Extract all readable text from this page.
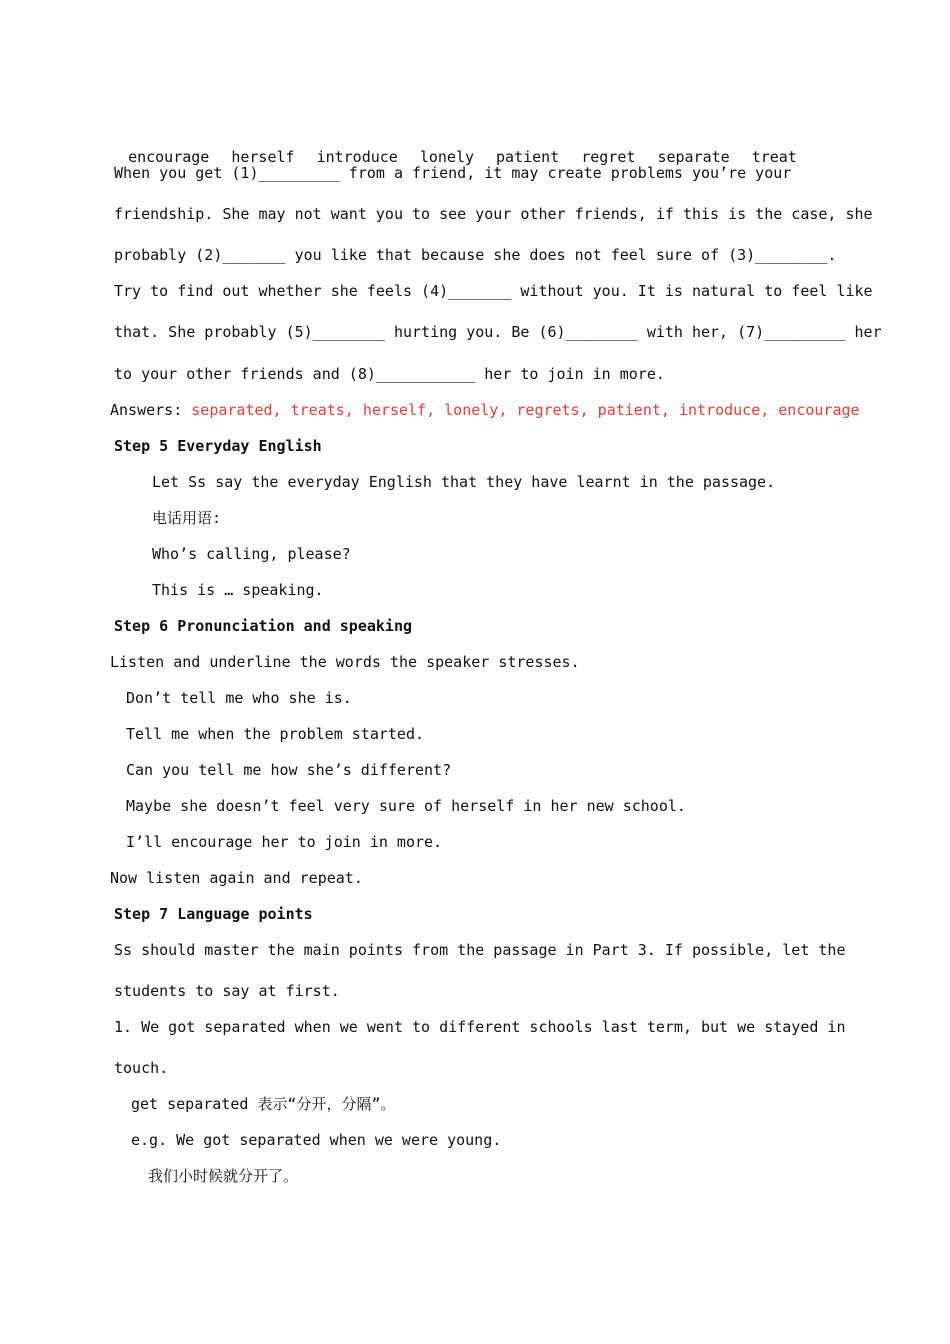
encourage herself introduce lonely patient regret separate treat

When you get (1)_________ from a friend, it may create problems you’re your
friendship. She may not want you to see your other friends, if this is the case, she
probably (2)_______ you like that because she does not feel sure of (3)________.
Try to find out whether she feels (4)_______ without you. It is natural to feel like
that. She probably (5)________ hurting you. Be (6)________ with her, (7)_________ her
to your other friends and (8)___________ her to join in more.
Answers: separated, treats, herself, lonely, regrets, patient, introduce, encourage
Step 5 Everyday English
Let Ss say the everyday English that they have learnt in the passage.
电话用语:
Who’s calling, please?
This is … speaking.
Step 6 Pronunciation and speaking
Listen and underline the words the speaker stresses.
Don’t tell me who she is.
Tell me when the problem started.
Can you tell me how she’s different?
Maybe she doesn’t feel very sure of herself in her new school.
I’ll encourage her to join in more.
Now listen again and repeat.
Step 7 Language points
Ss should master the main points from the passage in Part 3. If possible, let the
students to say at first.
1. We got separated when we went to different schools last term, but we stayed in
touch.
get separated 表示“分开，分隔”。
e.g. We got separated when we were young.
我们小时候就分开了。
